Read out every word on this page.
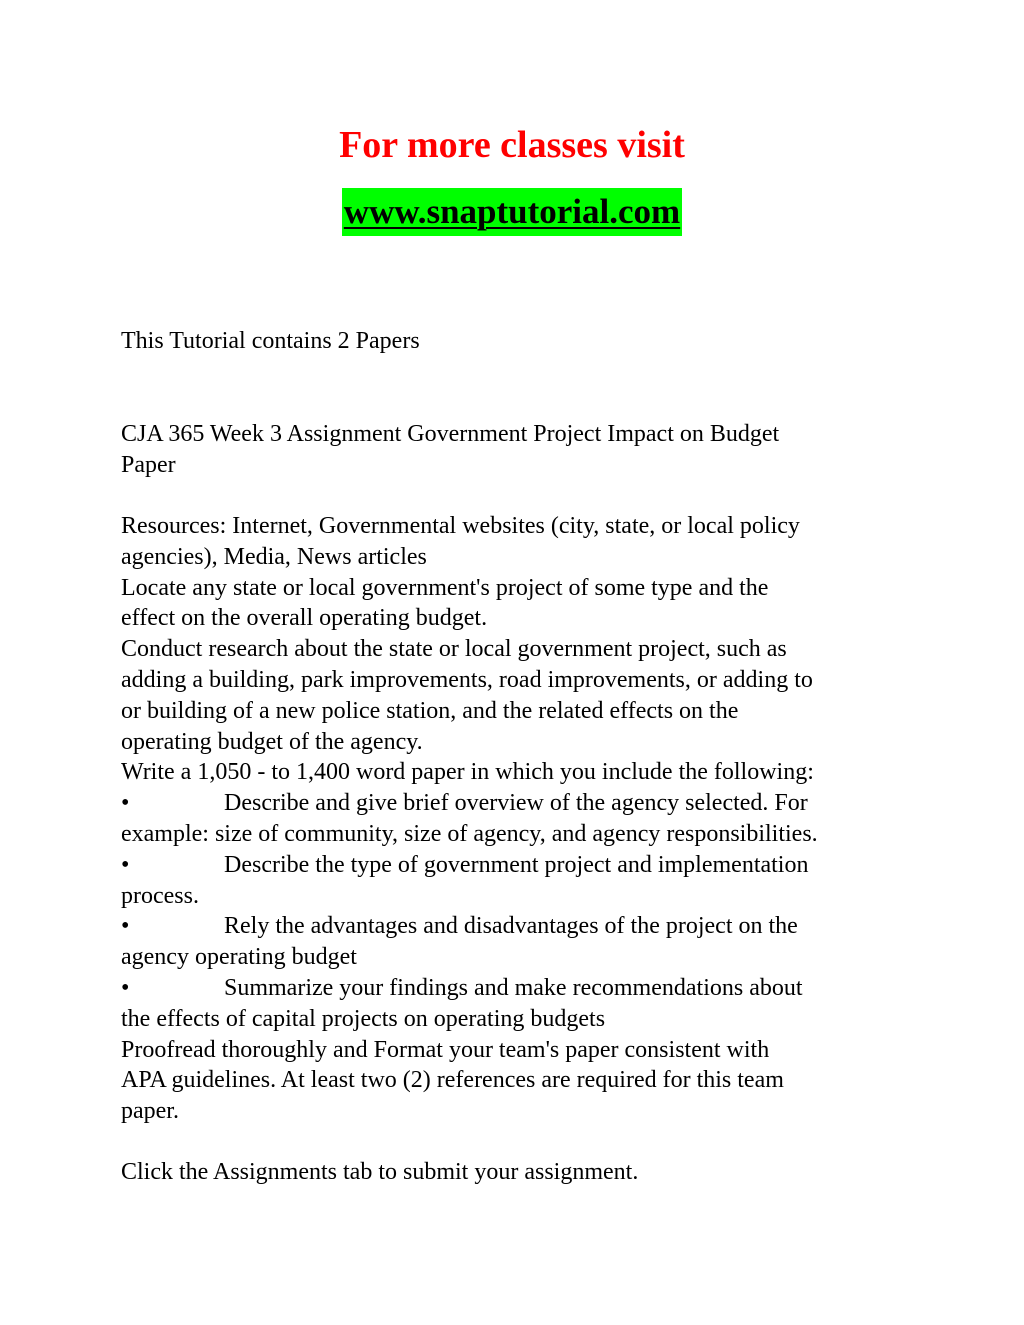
For more classes visit
www.snaptutorial.com
This Tutorial contains 2 Papers
CJA 365 Week 3 Assignment Government Project Impact on Budget
Paper
Resources: Internet, Governmental websites (city, state, or local policy
agencies), Media, News articles
Locate any state or local government's project of some type and the
effect on the overall operating budget.
Conduct research about the state or local government project, such as
adding a building, park improvements, road improvements, or adding to
or building of a new police station, and the related effects on the
operating budget of the agency.
Write a 1,050 - to 1,400 word paper in which you include the following:
•	Describe and give brief overview of the agency selected. For
example: size of community, size of agency, and agency responsibilities.
•	Describe the type of government project and implementation
process.
•	Rely the advantages and disadvantages of the project on the
agency operating budget
•	Summarize your findings and make recommendations about
the effects of capital projects on operating budgets
Proofread thoroughly and Format your team's paper consistent with
APA guidelines. At least two (2) references are required for this team
paper.
Click the Assignments tab to submit your assignment.
